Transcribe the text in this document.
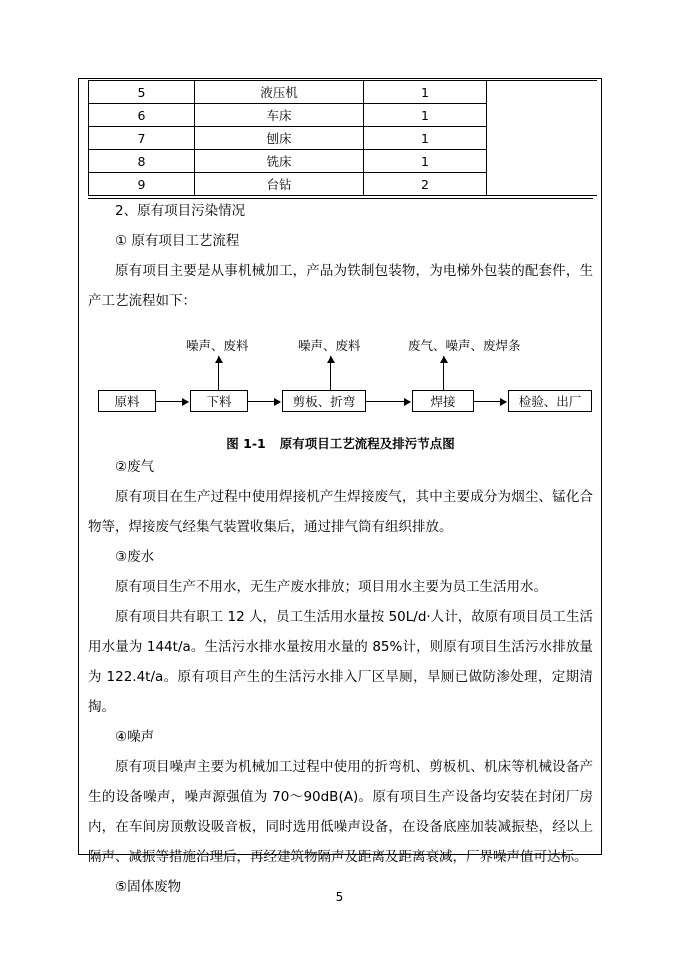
5	液压机	1	
6	车床	1	
7	刨床	1	
8	铣床	1	
9	台钻	2	

2、原有项目污染情况

① 原有项目工艺流程

原有项目主要是从事机械加工，产品为铁制包装物，为电梯外包装的配套件，生产工艺流程如下：

噪声、废料	噪声、废料	废气、噪声、废焊条
原料	下料	剪板、折弯	焊接	检验、出厂
图 1-1 原有项目工艺流程及排污节点图

②废气

原有项目在生产过程中使用焊接机产生焊接废气，其中主要成分为烟尘、锰化合物等，焊接废气经集气装置收集后，通过排气筒有组织排放。

③废水

原有项目生产不用水，无生产废水排放；项目用水主要为员工生活用水。

原有项目共有职工 12 人，员工生活用水量按 50L/d·人计，故原有项目员工生活用水量为 144t/a。生活污水排水量按用水量的 85%计，则原有项目生活污水排放量为 122.4t/a。原有项目产生的生活污水排入厂区旱厕，旱厕已做防渗处理，定期清掏。

④噪声

原有项目噪声主要为机械加工过程中使用的折弯机、剪板机、机床等机械设备产生的设备噪声，噪声源强值为 70～90dB(A)。原有项目生产设备均安装在封闭厂房内，在车间房顶敷设吸音板，同时选用低噪声设备，在设备底座加装减振垫，经以上隔声、减振等措施治理后，再经建筑物隔声及距离及距离衰减，厂界噪声值可达标。

⑤固体废物

5
